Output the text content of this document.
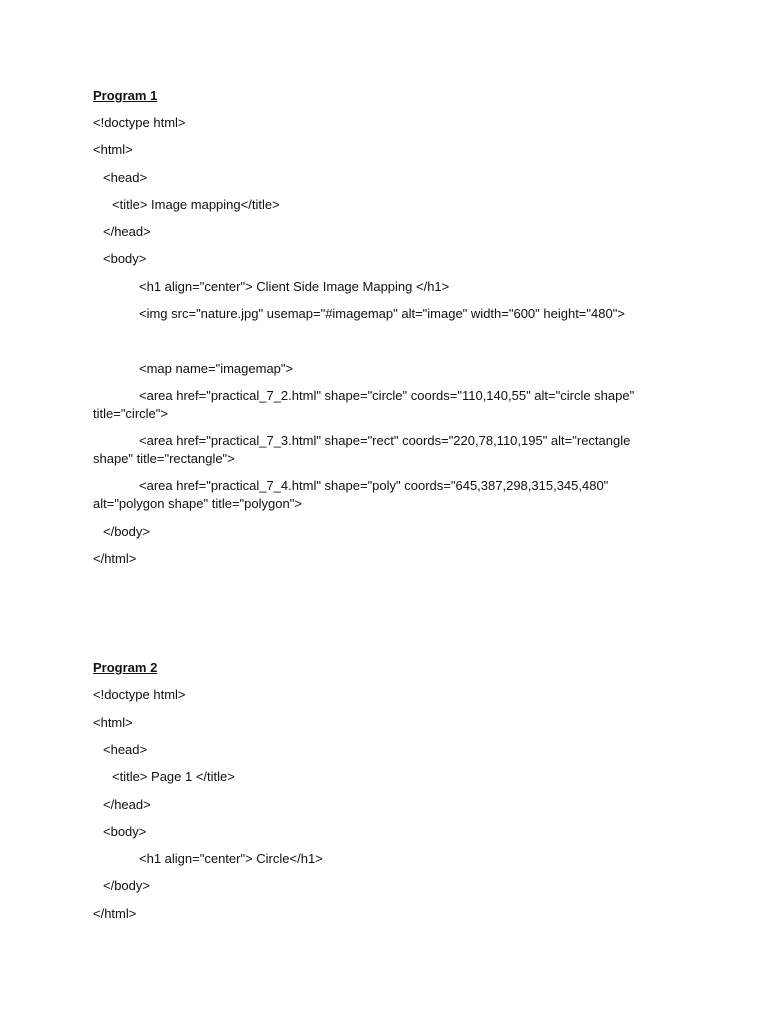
Program 1
<!doctype html>
<html>
<head>
<title> Image mapping</title>
</head>
<body>
<h1 align="center"> Client Side Image Mapping </h1>
<img src="nature.jpg" usemap="#imagemap" alt="image" width="600" height="480">
<map name="imagemap">
<area href="practical_7_2.html" shape="circle" coords="110,140,55" alt="circle shape" title="circle">
<area href="practical_7_3.html" shape="rect" coords="220,78,110,195" alt="rectangle shape" title="rectangle">
<area href="practical_7_4.html" shape="poly" coords="645,387,298,315,345,480" alt="polygon shape" title="polygon">
</body>
</html>
Program 2
<!doctype html>
<html>
<head>
<title> Page 1 </title>
</head>
<body>
<h1 align="center"> Circle</h1>
</body>
</html>
